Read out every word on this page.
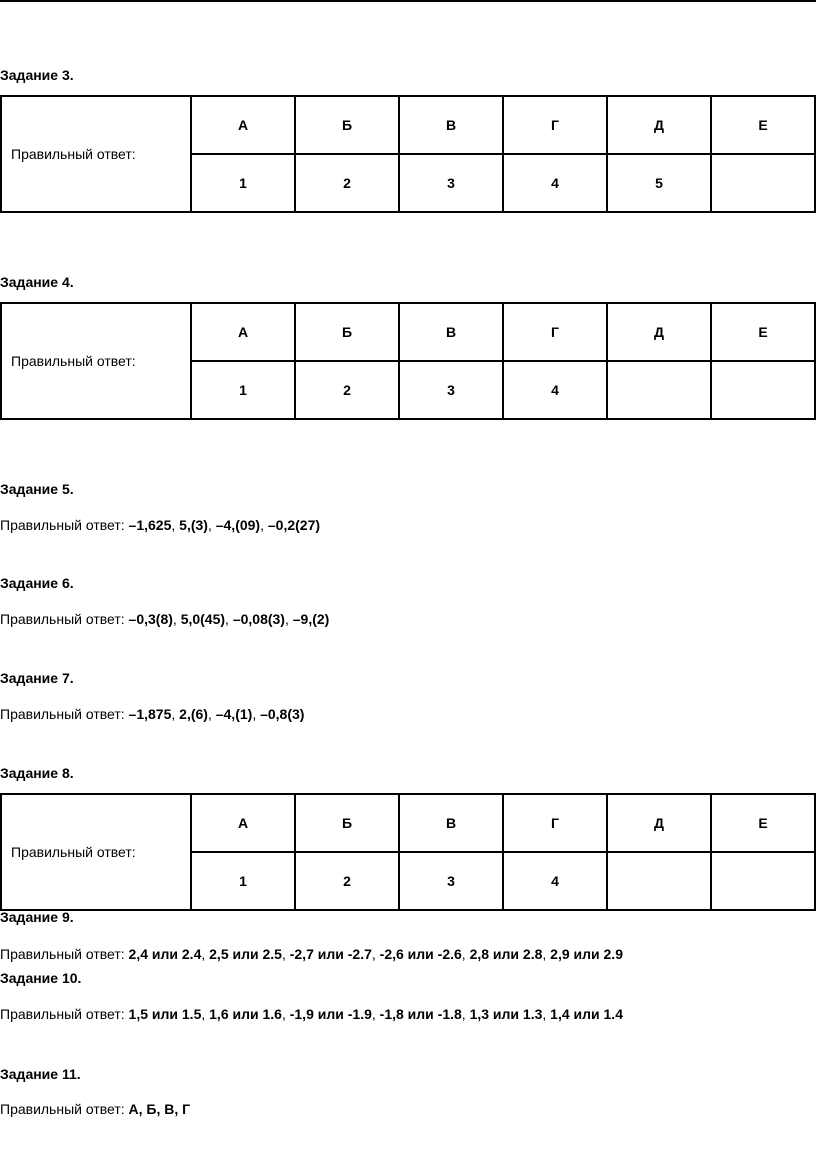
Задание 3.
Правильный ответ:	А	Б	В	Г	Д	Е
	1	2	3	4	5	
Задание 4.
Правильный ответ:	А	Б	В	Г	Д	Е
	1	2	3	4		
Задание 5.
Правильный ответ: –1,625, 5,(3), –4,(09), –0,2(27)
Задание 6.
Правильный ответ: –0,3(8), 5,0(45), –0,08(3), –9,(2)
Задание 7.
Правильный ответ: –1,875, 2,(6), –4,(1), –0,8(3)
Задание 8.
Правильный ответ:	А	Б	В	Г	Д	Е
	1	2	3	4		
Задание 9.
Правильный ответ: 2,4 или 2.4, 2,5 или 2.5, -2,7 или -2.7, -2,6 или -2.6, 2,8 или 2.8, 2,9 или 2.9
Задание 10.
Правильный ответ: 1,5 или 1.5, 1,6 или 1.6, -1,9 или -1.9, -1,8 или -1.8, 1,3 или 1.3, 1,4 или 1.4
Задание 11.
Правильный ответ: А, Б, В, Г
